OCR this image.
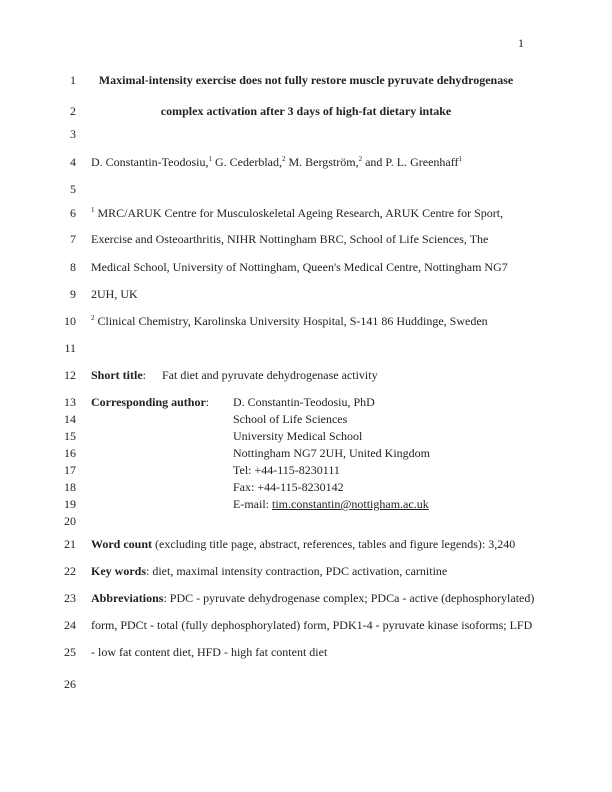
1
1
2
3
4
5
6
7
8
9
10
11
12
13
14
15
16
17
18
19
20
21
22
23
24
25
26
Maximal-intensity exercise does not fully restore muscle pyruvate dehydrogenase
complex activation after 3 days of high-fat dietary intake
D. Constantin-Teodosiu,$^1$ G. Cederblad,$^2$ M. Bergström,$^2$ and P. L. Greenhaff$^1$
$^1$ MRC/ARUK Centre for Musculoskeletal Ageing Research, ARUK Centre for Sport,
Exercise and Osteoarthritis, NIHR Nottingham BRC, School of Life Sciences, The
Medical School, University of Nottingham, Queen's Medical Centre, Nottingham NG7
2UH, UK
$^2$ Clinical Chemistry, Karolinska University Hospital, S-141 86 Huddinge, Sweden
Short title: Fat diet and pyruvate dehydrogenase activity
Corresponding author: D. Constantin-Teodosiu, PhD
School of Life Sciences
University Medical School
Nottingham NG7 2UH, United Kingdom
Tel: +44-115-8230111
Fax: +44-115-8230142
E-mail: tim.constantin@nottigham.ac.uk
Word count (excluding title page, abstract, references, tables and figure legends): 3,240
Key words: diet, maximal intensity contraction, PDC activation, carnitine
Abbreviations: PDC - pyruvate dehydrogenase complex; PDCa - active (dephosphorylated)
form, PDCt - total (fully dephosphorylated) form, PDK1-4 - pyruvate kinase isoforms; LFD
- low fat content diet, HFD - high fat content diet
